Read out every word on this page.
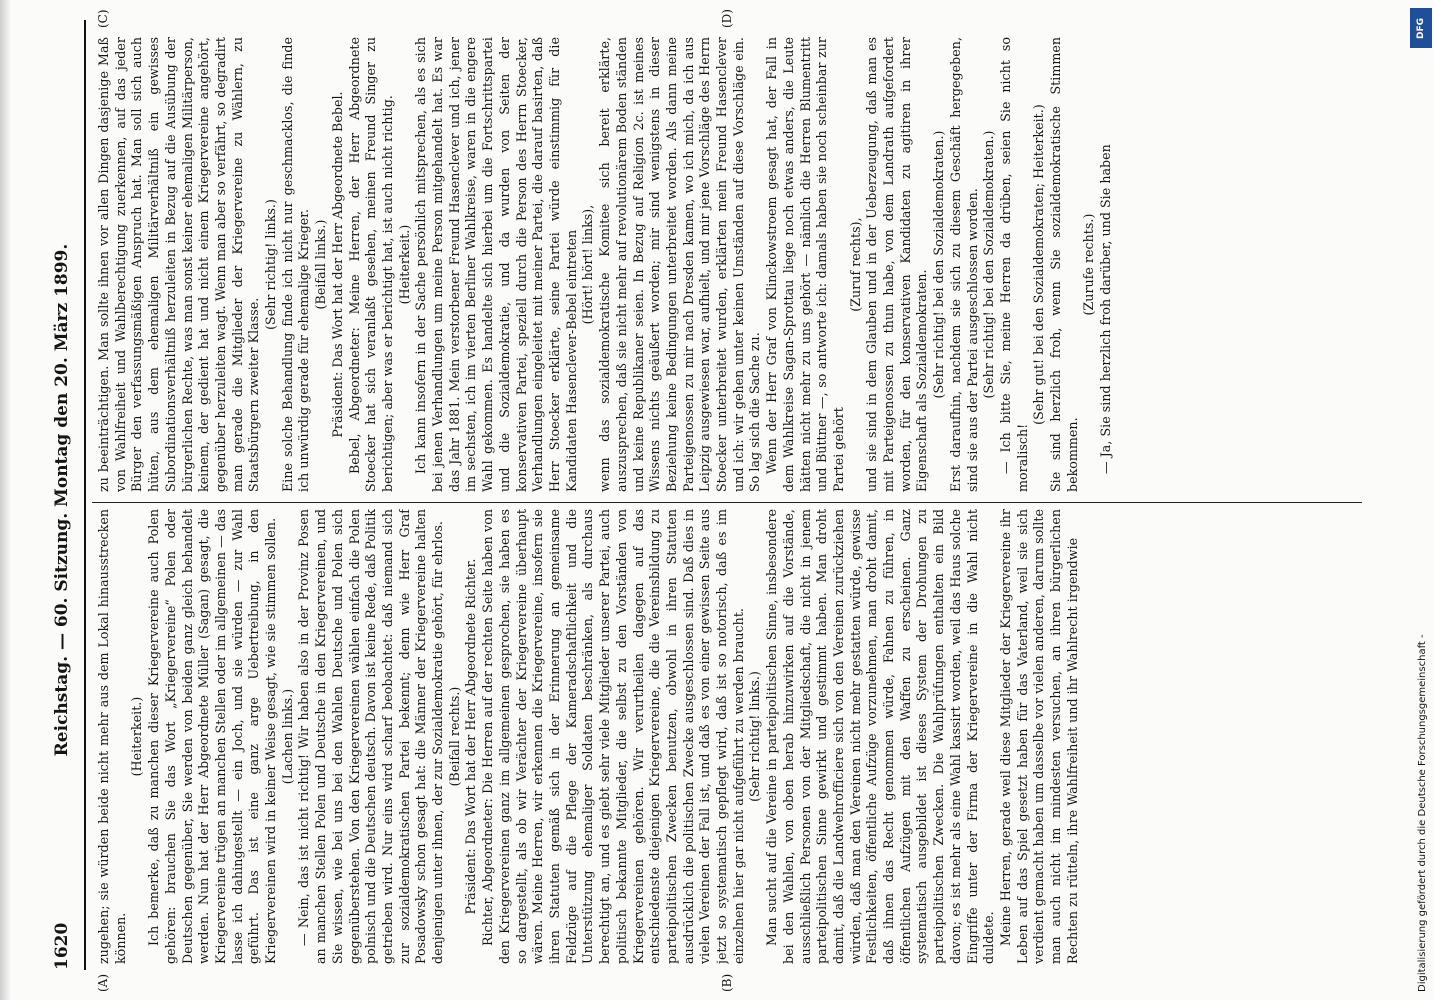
1620
Reichstag. — 60. Sitzung. Montag den 20. März 1899.
(A)	(B)
(C)	(D)

zugehen; sie würden beide nicht mehr aus dem Lokal hinausstrecken können.

(Heiterkeit.) Ich bemerke, daß zu manchen dieser Kriegervereine auch Polen gehören: brauchen Sie das Wort „Kriegervereine“ Polen oder Deutschen gegenüber, Sie werden von beiden ganz gleich behandelt werden. Nun hat der Herr Abgeordnete Müller (Sagan) gesagt, die Kriegervereine trügen an manchen Stellen oder im allgemeinen — das lasse ich dahingestellt — ein Joch, und sie würden — zur Wahl geführt. Das ist eine ganz arge Uebertreibung, in den Kriegervereinen wird in keiner Weise gesagt, wie sie stimmen sollen. (Lachen links.) — Nein, das ist nicht richtig! Wir haben also in der Provinz Posen an manchen Stellen Polen und Deutsche in den Kriegervereinen, und Sie wissen, wie bei uns bei den Wahlen Deutsche und Polen sich gegenüberstehen. Von den Kriegervereinen wählen einfach die Polen polnisch und die Deutschen deutsch. Davon ist keine Rede, daß Politik getrieben wird. Nur eins wird scharf beobachtet: daß niemand sich zur sozialdemokratischen Partei bekennt; denn wie Herr Graf Posadowsky schon gesagt hat: die Männer der Kriegervereine halten denjenigen unter ihnen, der zur Sozialdemokratie gehört, für ehrlos. (Beifall rechts.) Präsident: Das Wort hat der Herr Abgeordnete Richter. Richter, Abgeordneter: Die Herren auf der rechten Seite haben von den Kriegervereinen ganz im allgemeinen gesprochen, sie haben es so dargestellt, als ob wir Verächter der Kriegervereine überhaupt wären. Meine Herren, wir erkennen die Kriegervereine, insofern sie ihren Statuten gemäß sich in der Erinnerung an gemeinsame Feldzüge auf die Pflege der Kameradschaftlichkeit und die Unterstützung ehemaliger Soldaten beschränken, als durchaus berechtigt an, und es giebt sehr viele Mitglieder unserer Partei, auch politisch bekannte Mitglieder, die selbst zu den Vorständen von Kriegervereinen gehören. Wir verurtheilen dagegen auf das entschiedenste diejenigen Kriegervereine, die die Vereinsbildung zu parteipolitischen Zwecken benutzen, obwohl in ihren Statuten ausdrücklich die politischen Zwecke ausgeschlossen sind. Daß dies in vielen Vereinen der Fall ist, und daß es von einer gewissen Seite aus jetzt so systematisch gepflegt wird, daß ist so notorisch, daß es im einzelnen hier gar nicht aufgeführt zu werden braucht. (Sehr richtig! links.) Man sucht auf die Vereine in parteipolitischen Sinne, insbesondere bei den Wahlen, von oben herab hinzuwirken auf die Vorstände, ausschließlich Personen von der Mitgliedschaft, die nicht in jenem parteipolitischen Sinne gewirkt und gestimmt haben. Man droht damit, daß die Landwehrofficiere sich von den Vereinen zurückziehen würden, daß man den Vereinen nicht mehr gestatten würde, gewisse Festlichkeiten, öffentliche Aufzüge vorzunehmen, man droht damit, daß ihnen das Recht genommen würde, Fahnen zu führen, in öffentlichen Aufzügen mit den Waffen zu erscheinen. Ganz systematisch ausgebildet ist dieses System der Drohungen zu parteipolitischen Zwecken. Die Wahlprüfungen enthalten ein Bild davon; es ist mehr als eine Wahl kassirt worden, weil das Haus solche Eingriffe unter der Firma der Kriegervereine in die Wahl nicht duldete. Meine Herren, gerade weil diese Mitglieder der Kriegervereine ihr Leben auf das Spiel gesetzt haben für das Vaterland, weil sie sich verdient gemacht haben um dasselbe vor vielen anderen, darum sollte man auch nicht im mindesten versuchen, an ihren bürgerlichen Rechten zu rütteln, ihre Wahlfreiheit und ihr Wahlrecht irgendwie

zu beeinträchtigen. Man sollte ihnen vor allen Dingen dasjenige Maß von Wahlfreiheit und Wahlberechtigung zuerkennen, auf das jeder Bürger den verfassungsmäßigen Anspruch hat. Man soll sich auch hüten, aus dem ehemaligen Militärverhältniß ein gewisses Subordinationsverhältniß herzuleiten in Bezug auf die Ausübung der bürgerlichen Rechte, was man sonst keiner ehemaligen Militärperson, keinem, der gedient hat und nicht einem Kriegervereine angehört, gegenüber herzuleiten wagt. Wenn man aber so verfährt, so degradirt man gerade die Mitglieder der Kriegervereine zu Wählern, zu Staatsbürgern zweiter Klasse.

(Sehr richtig! links.) Eine solche Behandlung finde ich nicht nur geschmacklos, die finde ich unwürdig gerade für ehemalige Krieger. (Beifall links.) Präsident: Das Wort hat der Herr Abgeordnete Bebel. Bebel, Abgeordneter: Meine Herren, der Herr Abgeordnete Stoecker hat sich veranlaßt gesehen, meinen Freund Singer zu berichtigen; aber was er berichtigt hat, ist auch nicht richtig. (Heiterkeit.) Ich kann insofern in der Sache persönlich mitsprechen, als es sich bei jenen Verhandlungen um meine Person mitgehandelt hat. Es war das Jahr 1881. Mein verstorbener Freund Hasenclever und ich, jener im sechsten, ich im vierten Berliner Wahlkreise, waren in die engere Wahl gekommen. Es handelte sich hierbei um die Fortschrittspartei und die Sozialdemokratie, und da wurden von Seiten der konservativen Partei, speziell durch die Person des Herrn Stoecker, Verhandlungen eingeleitet mit meiner Partei, die darauf basirten, daß Herr Stoecker erklärte, seine Partei würde einstimmig für die Kandidaten Hasenclever-Bebel eintreten (Hört! hört! links), wenn das sozialdemokratische Komitee sich bereit erklärte, auszusprechen, daß sie nicht mehr auf revolutionärem Boden ständen und keine Republikaner seien. In Bezug auf Religion 2c. ist meines Wissens nichts geäußert worden; mir sind wenigstens in dieser Beziehung keine Bedingungen unterbreitet worden. Als dann meine Parteigenossen zu mir nach Dresden kamen, wo ich mich, da ich aus Leipzig ausgewiesen war, aufhielt, und mir jene Vorschläge des Herrn Stoecker unterbreitet wurden, erklärten mein Freund Hasenclever und ich: wir gehen unter keinen Umständen auf diese Vorschläge ein. So lag sich die Sache zu. Wenn der Herr Graf von Klinckowstroem gesagt hat, der Fall in dem Wahlkreise Sagan-Sprottau liege noch etwas anders, die Leute hätten nicht mehr zu uns gehört — nämlich die Herren Blumentritt und Büttner —, so antworte ich: damals haben sie noch scheinbar zur Partei gehört

(Zuruf rechts), und sie sind in dem Glauben und in der Ueberzeugung, daß man es mit Parteigenossen zu thun habe, von dem Landrath aufgefordert worden, für den konservativen Kandidaten zu agitiren in ihrer Eigenschaft als Sozialdemokraten. (Sehr richtig! bei den Sozialdemokraten.) Erst daraufhin, nachdem sie sich zu diesem Geschäft hergegeben, sind sie aus der Partei ausgeschlossen worden. (Sehr richtig! bei den Sozialdemokraten.) — Ich bitte Sie, meine Herren da drüben, seien Sie nicht so moralisch!

(Sehr gut! bei den Sozialdemokraten; Heiterkeit.) Sie sind herzlich froh, wenn Sie sozialdemokratische Stimmen bekommen.

(Zurufe rechts.) — Ja, Sie sind herzlich froh darüber, und Sie haben

DFG
Digitalisierung gefördert durch die Deutsche Forschungsgemeinschaft -
